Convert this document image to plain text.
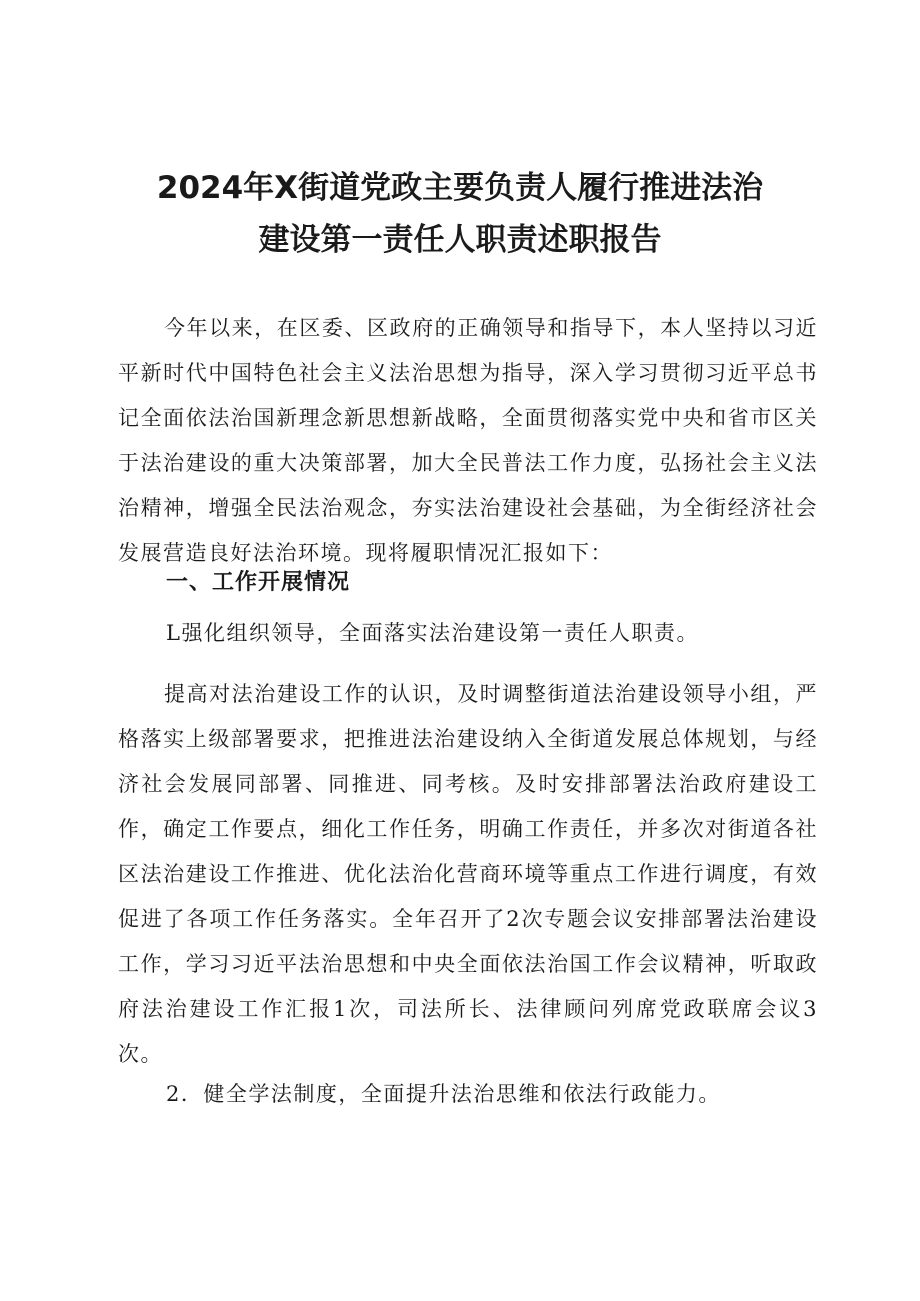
2024年X街道党政主要负责人履行推进法治
建设第一责任人职责述职报告

今年以来，在区委、区政府的正确领导和指导下，本人坚持以习近平新时代中国特色社会主义法治思想为指导，深入学习贯彻习近平总书记全面依法治国新理念新思想新战略，全面贯彻落实党中央和省市区关于法治建设的重大决策部署，加大全民普法工作力度，弘扬社会主义法治精神，增强全民法治观念，夯实法治建设社会基础，为全街经济社会发展营造良好法治环境。现将履职情况汇报如下：

一、工作开展情况

L强化组织领导，全面落实法治建设第一责任人职责。

提高对法治建设工作的认识，及时调整街道法治建设领导小组，严格落实上级部署要求，把推进法治建设纳入全街道发展总体规划，与经济社会发展同部署、同推进、同考核。及时安排部署法治政府建设工作，确定工作要点，细化工作任务，明确工作责任，并多次对街道各社区法治建设工作推进、优化法治化营商环境等重点工作进行调度，有效促进了各项工作任务落实。全年召开了2次专题会议安排部署法治建设工作，学习习近平法治思想和中央全面依法治国工作会议精神，听取政府法治建设工作汇报1次，司法所长、法律顾问列席党政联席会议3次。

2．健全学法制度，全面提升法治思维和依法行政能力。
